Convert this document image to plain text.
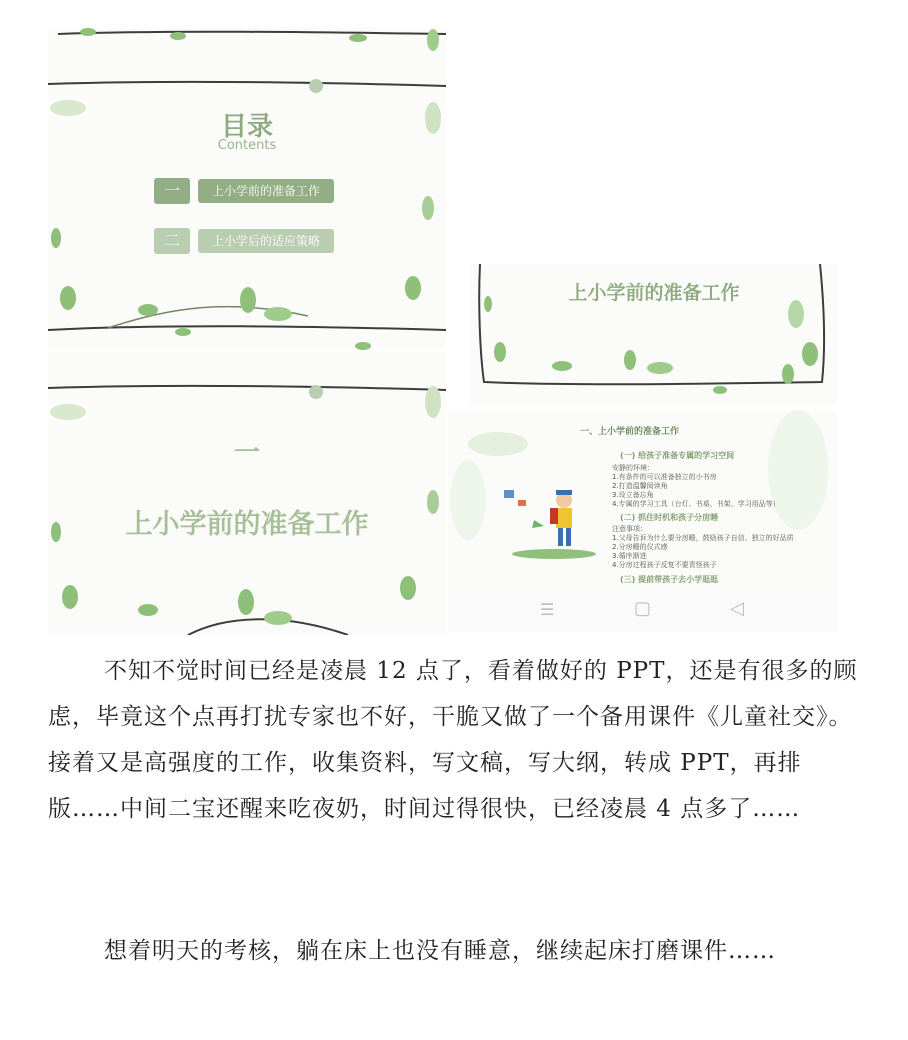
目录
Contents
一	上小学前的准备工作
二	上小学后的适应策略
一
上小学前的准备工作
上小学前的准备工作
一、上小学前的准备工作
(一) 给孩子准备专属的学习空间
安静的环境：
1.有条件的可以准备独立的小书房
2.打造温馨阅读角
3.设立备忘角
4.专属的学习工具（台灯、书桌、书架、学习用品等）
(二) 抓住时机和孩子分房睡
注意事项：
1.父母告诉为什么要分房睡，鼓励孩子自信、独立的好品质
2.分房睡的仪式感
3.循序渐进
4.分房过程孩子反复不要责怪孩子
(三) 提前带孩子去小学逛逛
☰	▢	◁
不知不觉时间已经是凌晨 12 点了，看着做好的 PPT，还是有很多的顾虑，毕竟这个点再打扰专家也不好，干脆又做了一个备用课件《儿童社交》。接着又是高强度的工作，收集资料，写文稿，写大纲，转成 PPT，再排版……中间二宝还醒来吃夜奶，时间过得很快，已经凌晨 4 点多了……
想着明天的考核，躺在床上也没有睡意，继续起床打磨课件……
